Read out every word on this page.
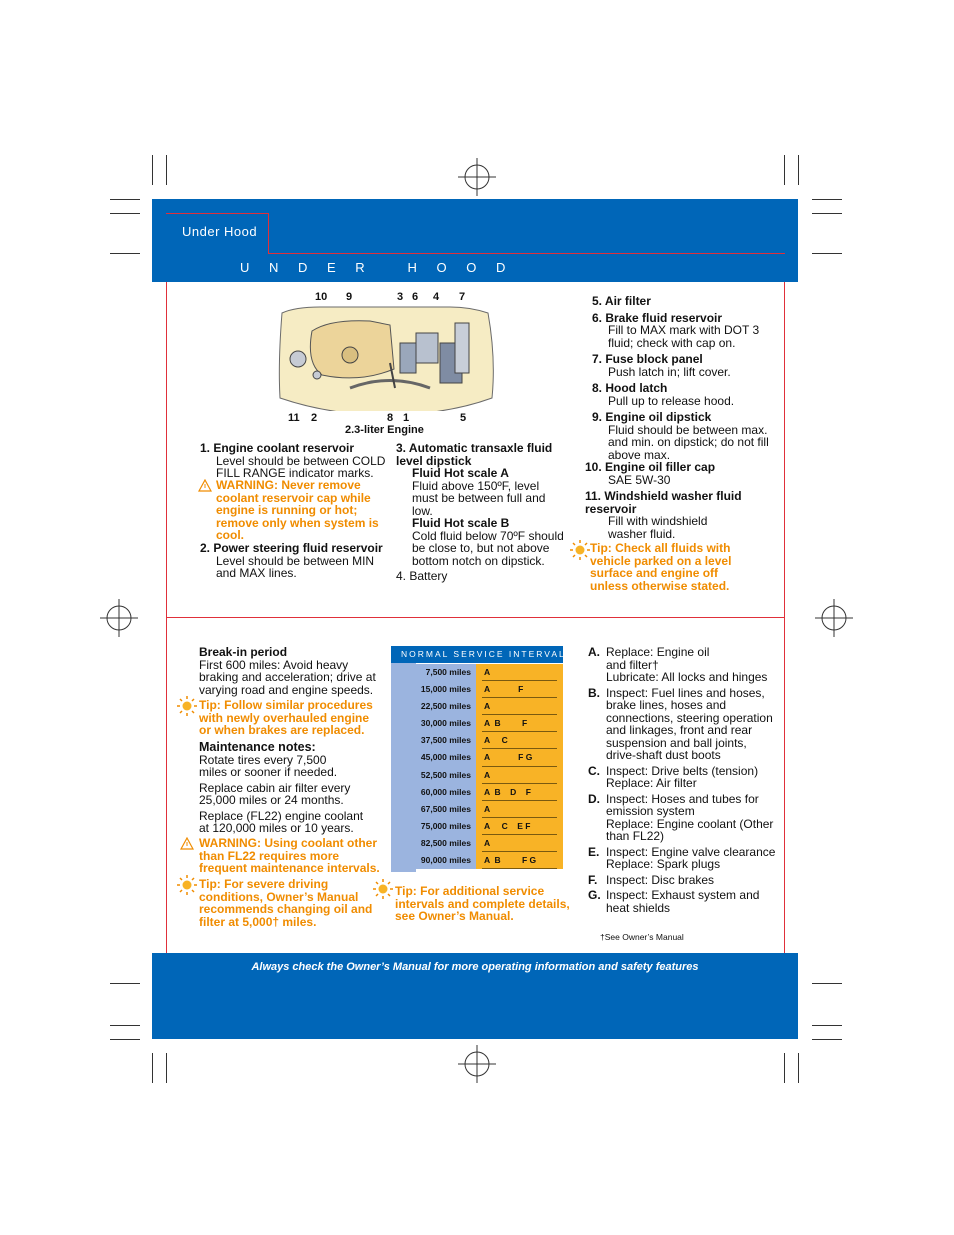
Under Hood
U N D E R   H O O D
10 9	3 6 4 7
11 2	8 1	5
2.3-liter Engine
1. Engine coolant reservoir
Level should be between COLD FILL RANGE indicator marks.
WARNING: Never remove coolant reservoir cap while engine is running or hot; remove only when system is cool.
2. Power steering fluid reservoir
Level should be between MIN and MAX lines.
3. Automatic transaxle fluid level dipstick
Fluid Hot scale A
Fluid above 150ºF, level must be between full and low.
Fluid Hot scale B
Cold fluid below 70ºF should be close to, but not above bottom notch on dipstick.
4. Battery
5. Air filter
6. Brake fluid reservoir
Fill to MAX mark with DOT 3 fluid; check with cap on.
7. Fuse block panel
Push latch in; lift cover.
8. Hood latch
Pull up to release hood.
9. Engine oil dipstick
Fluid should be between max. and min. on dipstick; do not fill above max.
10. Engine oil filler cap
SAE 5W-30
11. Windshield washer fluid reservoir
Fill with windshield washer fluid.
Tip: Check all fluids with vehicle parked on a level surface and engine off unless otherwise stated.
Break-in period
First 600 miles: Avoid heavy braking and acceleration; drive at varying road and engine speeds.
Tip: Follow similar procedures with newly overhauled engine or when brakes are replaced.
Maintenance notes:
Rotate tires every 7,500 miles or sooner if needed.
Replace cabin air filter every 25,000 miles or 24 months.
Replace (FL22) engine coolant at 120,000 miles or 10 years.
WARNING: Using coolant other than FL22 requires more frequent maintenance intervals.
Tip: For severe driving conditions, Owner’s Manual recommends changing oil and filter at 5,000† miles.
NORMAL SERVICE INTERVALS
7,500 miles	A
15,000 miles	A            F
22,500 miles	A
30,000 miles	A  B         F
37,500 miles	A     C
45,000 miles	A            F G
52,500 miles	A
60,000 miles	A  B    D    F
67,500 miles	A
75,000 miles	A     C    E F
82,500 miles	A
90,000 miles	A  B         F G
Tip: For additional service intervals and complete details, see Owner’s Manual.
A. Replace: Engine oil and filter†
Lubricate: All locks and hinges
B. Inspect: Fuel lines and hoses, brake lines, hoses and connections, steering operation and linkages, front and rear suspension and ball joints, drive-shaft dust boots
C. Inspect: Drive belts (tension)
Replace: Air filter
D. Inspect: Hoses and tubes for emission system
Replace: Engine coolant (Other than FL22)
E. Inspect: Engine valve clearance
Replace: Spark plugs
F. Inspect: Disc brakes
G. Inspect: Exhaust system and heat shields
†See Owner’s Manual
Always check the Owner’s Manual for more operating information and safety features
